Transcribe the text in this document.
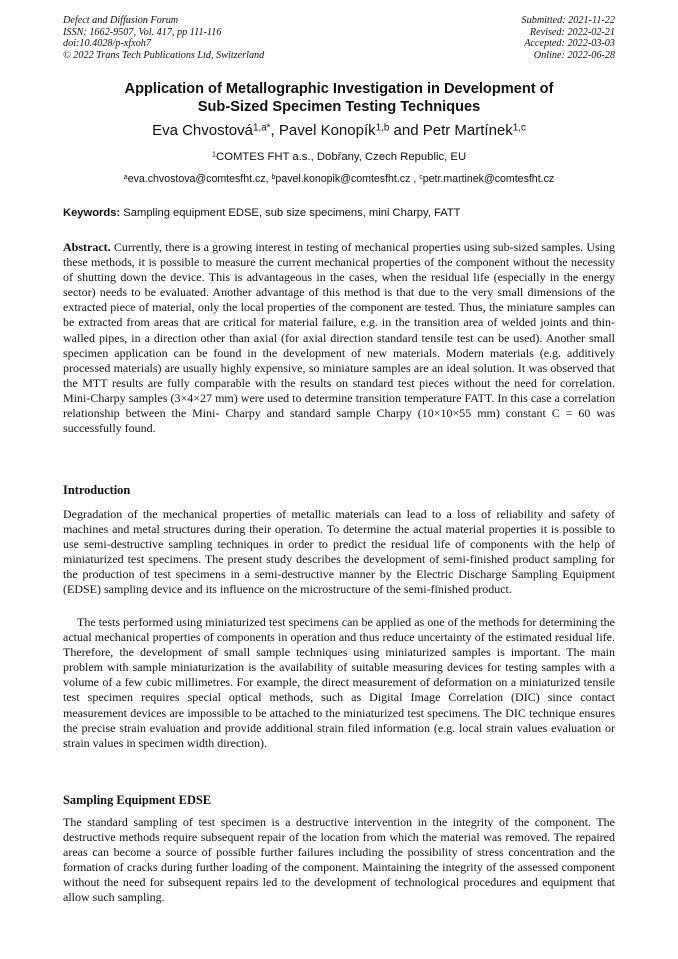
Defect and Diffusion Forum
ISSN: 1662-9507, Vol. 417, pp 111-116
doi:10.4028/p-xfxoh7
© 2022 Trans Tech Publications Ltd, Switzerland
Submitted: 2021-11-22
Revised: 2022-02-21
Accepted: 2022-03-03
Online: 2022-06-28
Application of Metallographic Investigation in Development of
Sub-Sized Specimen Testing Techniques
Eva Chvostová$^{1,a*}$, Pavel Konopík$^{1,b}$ and Petr Martínek$^{1,c}$
$^1$COMTES FHT a.s., Dobřany, Czech Republic, EU
$^a$eva.chvostova@comtesfht.cz, $^b$pavel.konopik@comtesfht.cz , $^c$petr.martinek@comtesfht.cz
Keywords: Sampling equipment EDSE, sub size specimens, mini Charpy, FATT
Abstract. Currently, there is a growing interest in testing of mechanical properties using sub-sized samples. Using these methods, it is possible to measure the current mechanical properties of the component without the necessity of shutting down the device. This is advantageous in the cases, when the residual life (especially in the energy sector) needs to be evaluated. Another advantage of this method is that due to the very small dimensions of the extracted piece of material, only the local properties of the component are tested. Thus, the miniature samples can be extracted from areas that are critical for material failure, e.g. in the transition area of welded joints and thin-walled pipes, in a direction other than axial (for axial direction standard tensile test can be used). Another small specimen application can be found in the development of new materials. Modern materials (e.g. additively processed materials) are usually highly expensive, so miniature samples are an ideal solution. It was observed that the MTT results are fully comparable with the results on standard test pieces without the need for correlation. Mini-Charpy samples (3×4×27 mm) were used to determine transition temperature FATT. In this case a correlation relationship between the Mini- Charpy and standard sample Charpy (10×10×55 mm) constant C = 60 was successfully found.
Introduction
Degradation of the mechanical properties of metallic materials can lead to a loss of reliability and safety of machines and metal structures during their operation. To determine the actual material properties it is possible to use semi-destructive sampling techniques in order to predict the residual life of components with the help of miniaturized test specimens. The present study describes the development of semi-finished product sampling for the production of test specimens in a semi-destructive manner by the Electric Discharge Sampling Equipment (EDSE) sampling device and its influence on the microstructure of the semi-finished product.
The tests performed using miniaturized test specimens can be applied as one of the methods for determining the actual mechanical properties of components in operation and thus reduce uncertainty of the estimated residual life. Therefore, the development of small sample techniques using miniaturized samples is important. The main problem with sample miniaturization is the availability of suitable measuring devices for testing samples with a volume of a few cubic millimetres. For example, the direct measurement of deformation on a miniaturized tensile test specimen requires special optical methods, such as Digital Image Correlation (DIC) since contact measurement devices are impossible to be attached to the miniaturized test specimens. The DIC technique ensures the precise strain evaluation and provide additional strain filed information (e.g. local strain values evaluation or strain values in specimen width direction).
Sampling Equipment EDSE
The standard sampling of test specimen is a destructive intervention in the integrity of the component. The destructive methods require subsequent repair of the location from which the material was removed. The repaired areas can become a source of possible further failures including the possibility of stress concentration and the formation of cracks during further loading of the component. Maintaining the integrity of the assessed component without the need for subsequent repairs led to the development of technological procedures and equipment that allow such sampling.
